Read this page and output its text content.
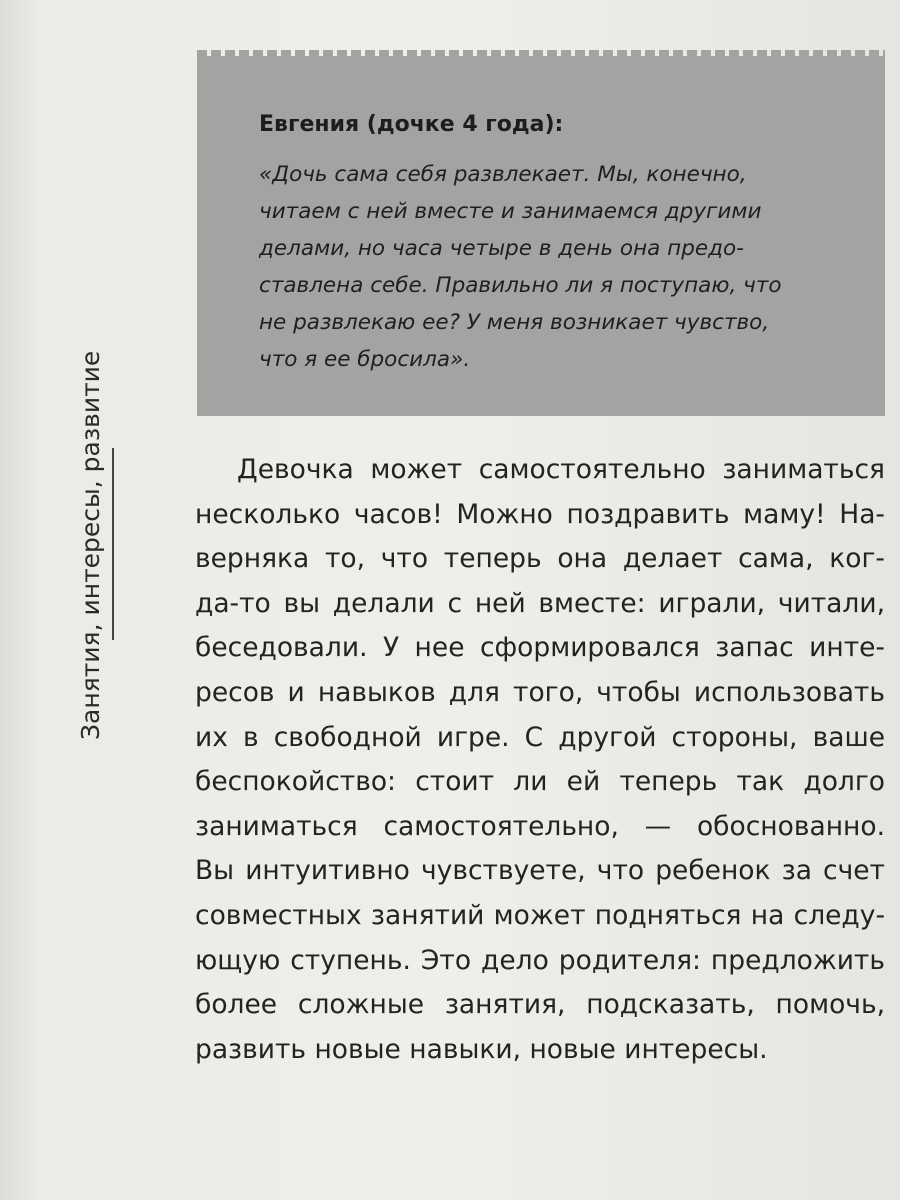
Занятия, интересы, развитие
Евгения (дочке 4 года):
«Дочь сама себя развлекает. Мы, конечно,
читаем с ней вместе и занимаемся другими
делами, но часа четыре в день она предо-
ставлена себе. Правильно ли я поступаю, что
не развлекаю ее? У меня возникает чувство,
что я ее бросила».
Девочка может самостоятельно заниматься
несколько часов! Можно поздравить маму! На-
верняка то, что теперь она делает сама, ког-
да-то вы делали с ней вместе: играли, читали,
беседовали. У нее сформировался запас инте-
ресов и навыков для того, чтобы использовать
их в свободной игре. С другой стороны, ваше
беспокойство: стоит ли ей теперь так долго
заниматься самостоятельно, — обоснованно.
Вы интуитивно чувствуете, что ребенок за счет
совместных занятий может подняться на следу-
ющую ступень. Это дело родителя: предложить
более сложные занятия, подсказать, помочь,
развить новые навыки, новые интересы.
